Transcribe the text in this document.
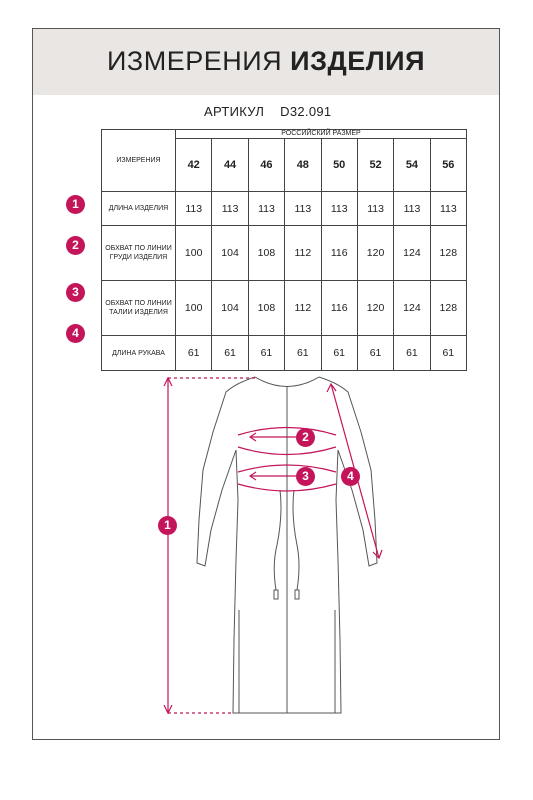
ИЗМЕРЕНИЯ ИЗДЕЛИЯ
АРТИКУЛ D32.091
ИЗМЕРЕНИЯ	РОССИЙСКИЙ РАЗМЕР							
	42	44	46	48	50	52	54	56
ДЛИНА ИЗДЕЛИЯ	113	113	113	113	113	113	113	113
ОБХВАТ ПО ЛИНИИ ГРУДИ ИЗДЕЛИЯ	100	104	108	112	116	120	124	128
ОБХВАТ ПО ЛИНИИ ТАЛИИ ИЗДЕЛИЯ	100	104	108	112	116	120	124	128
ДЛИНА РУКАВА	61	61	61	61	61	61	61	61
1
2
3
4
1
2
3	4
